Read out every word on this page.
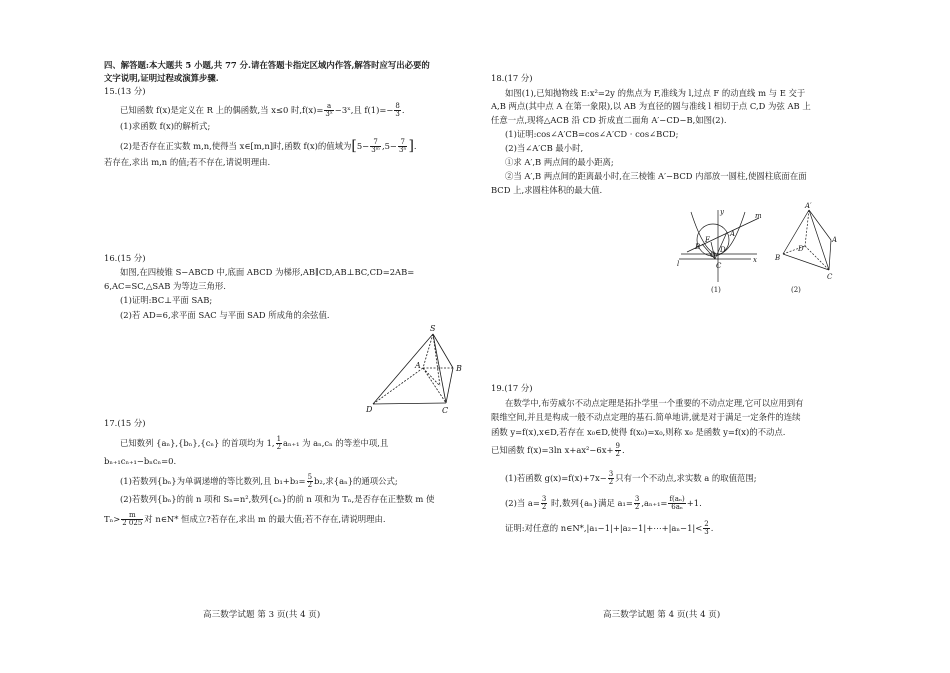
四、解答题:本大题共 5 小题,共 77 分.请在答题卡指定区域内作答,解答时应写出必要的
文字说明,证明过程或演算步骤.
15.(13 分)
已知函数 f(x)是定义在 R 上的偶函数,当 x≤0 时$,f(x)= \frac{a}{\text{3ˣ}}$ −3ˣ,且 $f(1)=- \frac{8}{3}$ .
(1)求函数 f(x)的解析式;
(2)是否存在正实数 m,n,使得当 x∈[m,n]时,函数 f(x)的值域为[$5- \frac{7}{\text{3ᵐ}} ,5- \frac{7}{\text{3ⁿ}}$ ].
若存在,求出 m,n 的值;若不存在,请说明理由.
16.(15 分)
如图,在四棱锥 S−ABCD 中,底面 ABCD 为梯形,AB∥CD,AB⊥BC,CD=2AB=
6,AC=SC,△SAB 为等边三角形.
(1)证明:BC⊥平面 SAB;
(2)若 AD=6,求平面 SAC 与平面 SAD 所成角的余弦值.
S
A	B
C
D
17.(15 分)
已知数列 {aₙ},{bₙ},{cₙ} 的首项均为 1, $\frac{1}{2} a_{n+1}$ 为 aₙ,cₙ 的等差中项,且
bₙ₊₁cₙ₊₁−bₙcₙ=0.
(1)若数列{bₙ}为单调递增的等比数列,且 $b_1+b_3= \frac{5}{2} b_2$,求{aₙ}的通项公式;
(2)若数列{bₙ}的前 n 项和 Sₙ=n²,数列{cₙ}的前 n 项和为 Tₙ,是否存在正整数 m 使
$T_n> \frac{m}{2 025}$ 对 n∈N* 恒成立?若存在,求出 m 的最大值;若不存在,请说明理由.
高三数学试题 第 3 页(共 4 页)
18.(17 分)
如图(1),已知抛物线 E:x²=2y 的焦点为 F,准线为 l,过点 F 的动直线 m 与 E 交于
A,B 两点(其中点 A 在第一象限),以 AB 为直径的圆与准线 l 相切于点 C,D 为弦 AB 上
任意一点,现将△ACB 沿 CD 折成直二面角 A′−CD−B,如图(2).
(1)证明:cos∠A′CB=cos∠A′CD · cos∠BCD;
(2)当∠A′CB 最小时,
①求 A′,B 两点间的最小距离;
②当 A′,B 两点间的距离最小时,在三棱锥 A′−BCD 内部放一圆柱,使圆柱底面在面
BCD 上,求圆柱体积的最大值.
y	m
F
A
B
O
x
l
D
C
(1)
A′
A
D
B
C
(2)
19.(17 分)
在数学中,布劳威尔不动点定理是拓扑学里一个重要的不动点定理,它可以应用到有
限维空间,并且是构成一般不动点定理的基石.简单地讲,就是对于满足一定条件的连续
函数 y=f(x),x∈D,若存在 x₀∈D,使得 f(x₀)=x₀,则称 x₀ 是函数 y=f(x)的不动点.
已知函数 f(x)=3ln $x+ax^2-6x+ \frac{9}{2}$ .
(1)若函数 $g(x)=f(x)+7x- \frac{3}{2}$ 只有一个不动点,求实数 a 的取值范围;
(2)当 $a= \frac{3}{2}$ 时,数列{aₙ}满足 $a_1= \frac{3}{2} ,a_{n+1}= \frac{\text{f(aₙ)}}{\text{6aₙ}} +1$.
证明:对任意的 n∈N*,|a₁−1|+|a₂−1|+⋯+|aₙ−1|< $\frac{2}{3}$ .
高三数学试题 第 4 页(共 4 页)
